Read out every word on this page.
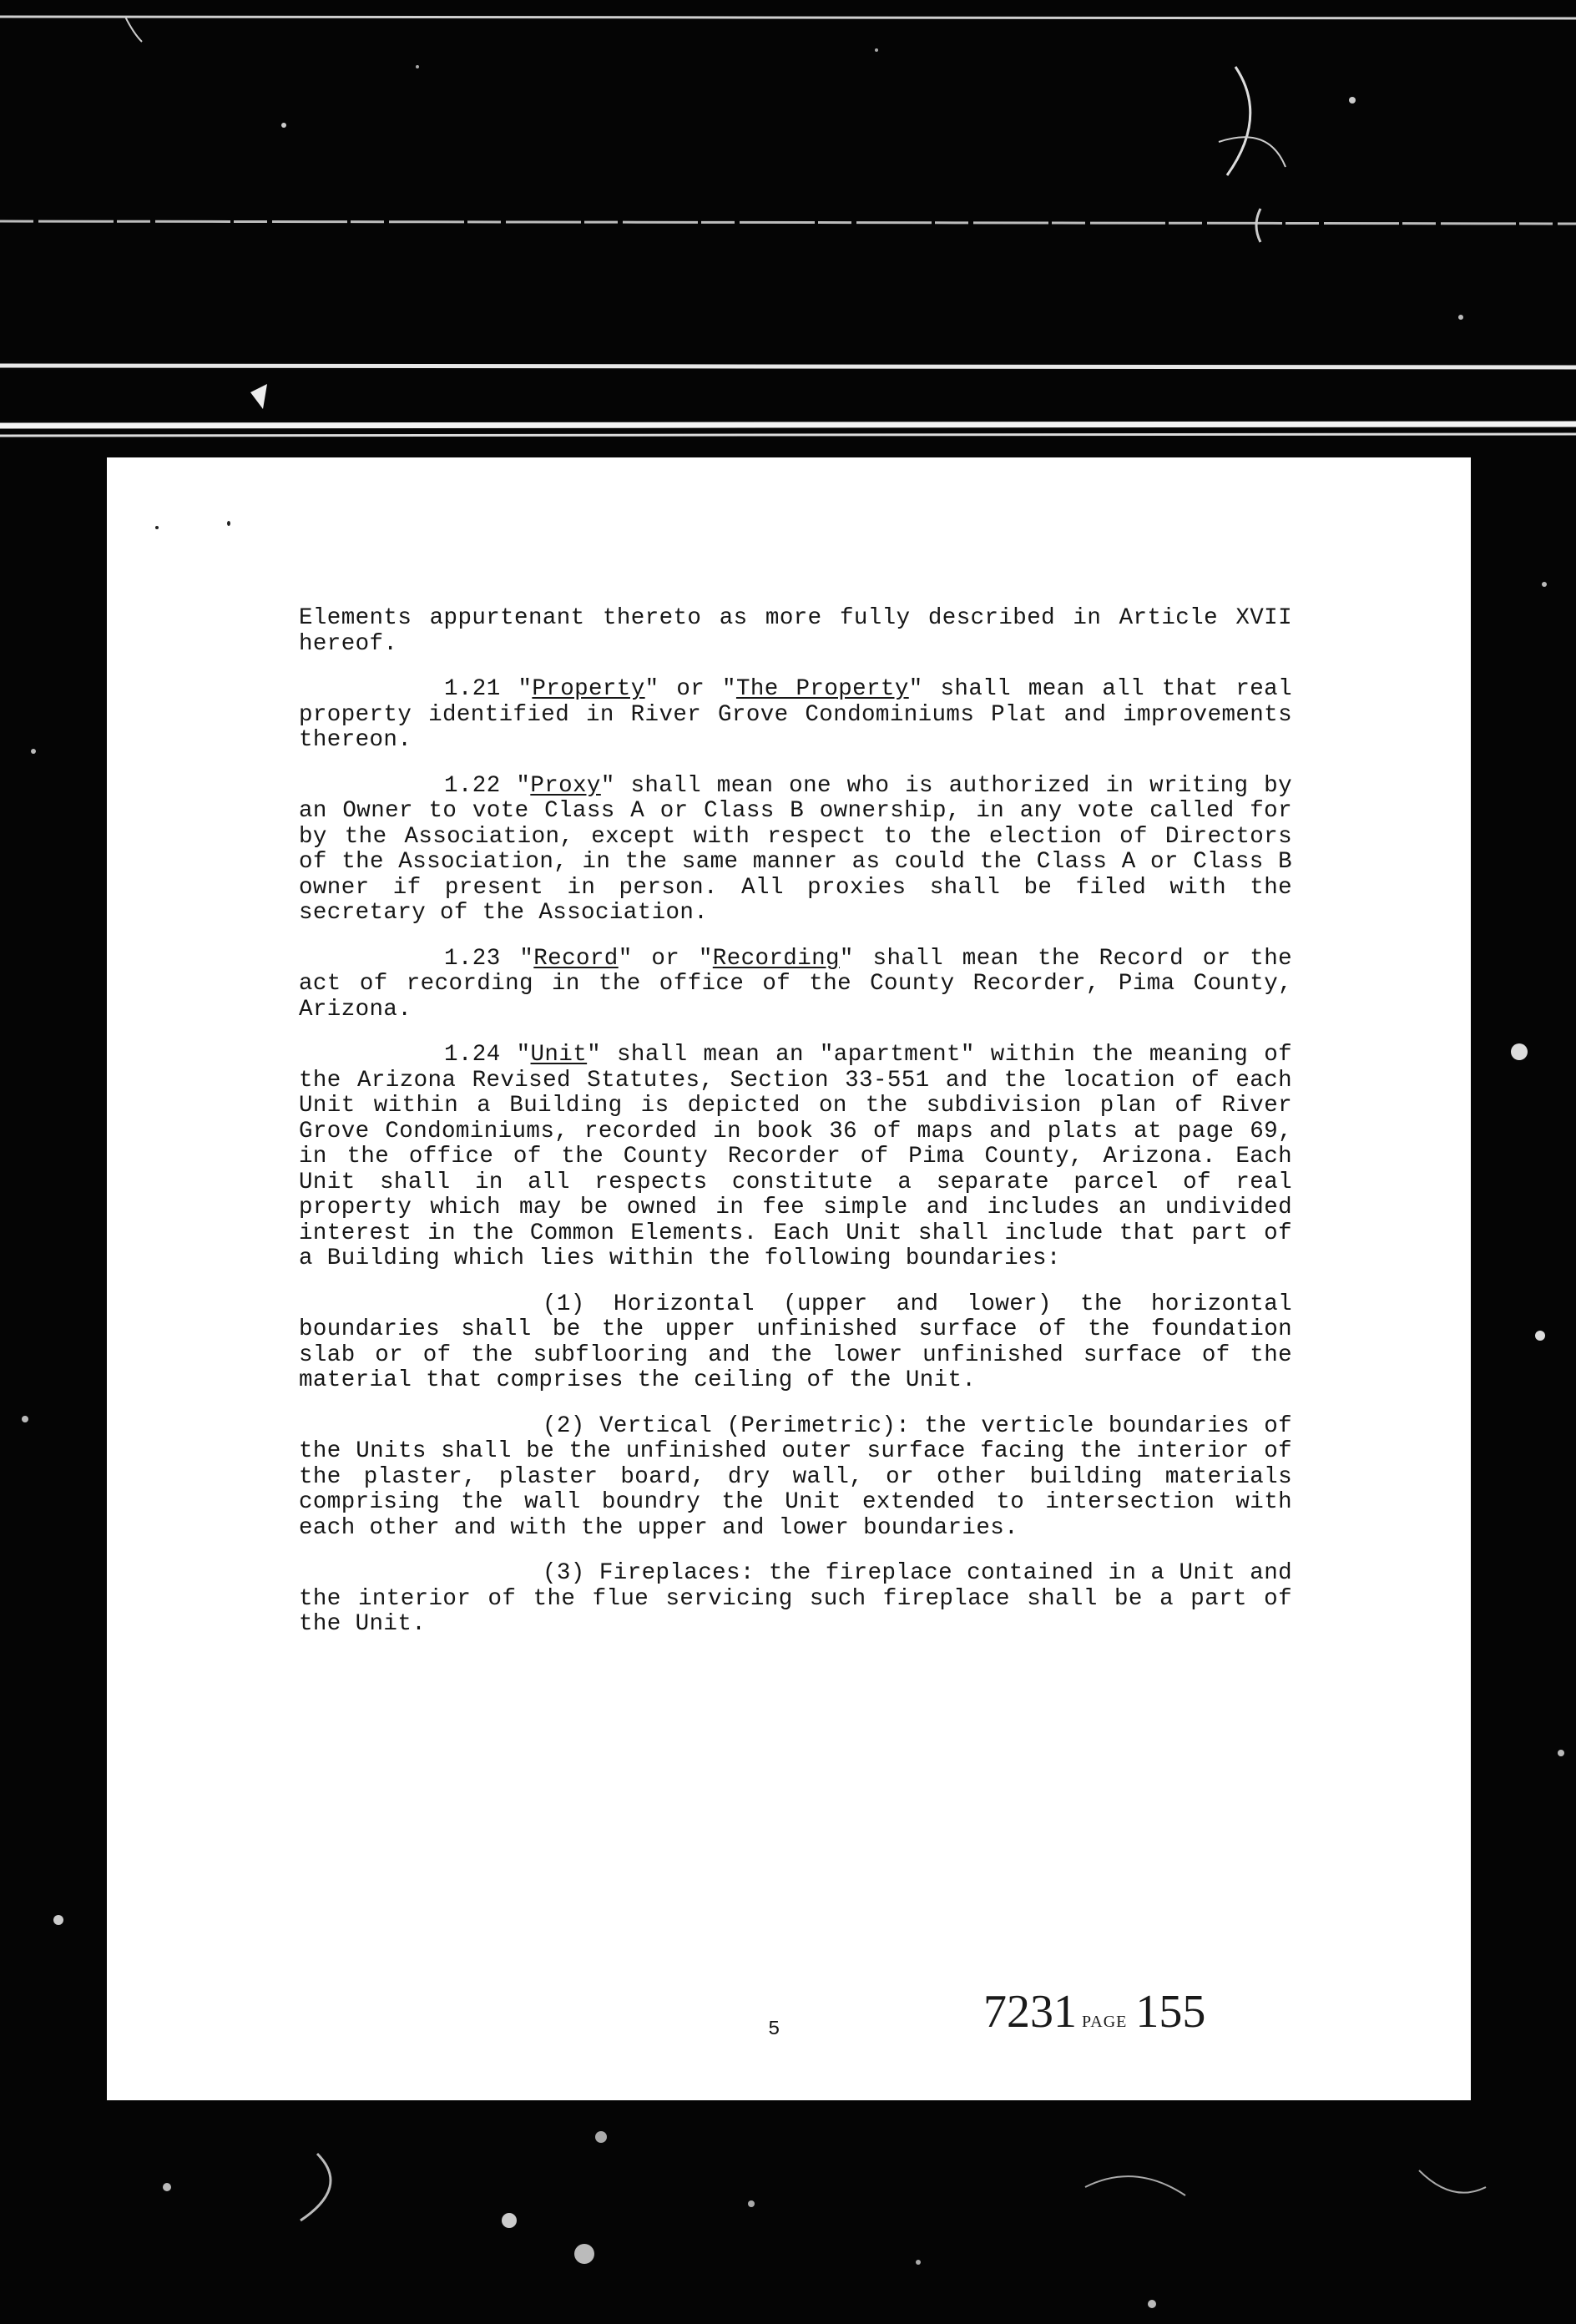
Elements appurtenant thereto as more fully described in Article XVII hereof.

1.21 "Property" or "The Property" shall mean all that real property identified in River Grove Condominiums Plat and improvements thereon.

1.22 "Proxy" shall mean one who is authorized in writing by an Owner to vote Class A or Class B ownership, in any vote called for by the Association, except with respect to the election of Directors of the Association, in the same manner as could the Class A or Class B owner if present in person. All proxies shall be filed with the secretary of the Association.

1.23 "Record" or "Recording" shall mean the Record or the act of recording in the office of the County Recorder, Pima County, Arizona.

1.24 "Unit" shall mean an "apartment" within the meaning of the Arizona Revised Statutes, Section 33-551 and the location of each Unit within a Building is depicted on the subdivision plan of River Grove Condominiums, recorded in book 36 of maps and plats at page 69, in the office of the County Recorder of Pima County, Arizona. Each Unit shall in all respects constitute a separate parcel of real property which may be owned in fee simple and includes an undivided interest in the Common Elements. Each Unit shall include that part of a Building which lies within the following boundaries:

(1) Horizontal (upper and lower) the horizontal boundaries shall be the upper unfinished surface of the foundation slab or of the subflooring and the lower unfinished surface of the material that comprises the ceiling of the Unit.

(2) Vertical (Perimetric): the verticle boundaries of the Units shall be the unfinished outer surface facing the interior of the plaster, plaster board, dry wall, or other building materials comprising the wall boundry the Unit extended to intersection with each other and with the upper and lower boundaries.

(3) Fireplaces: the fireplace contained in a Unit and the interior of the flue servicing such fireplace shall be a part of the Unit.

5	7231 PAGE 155
